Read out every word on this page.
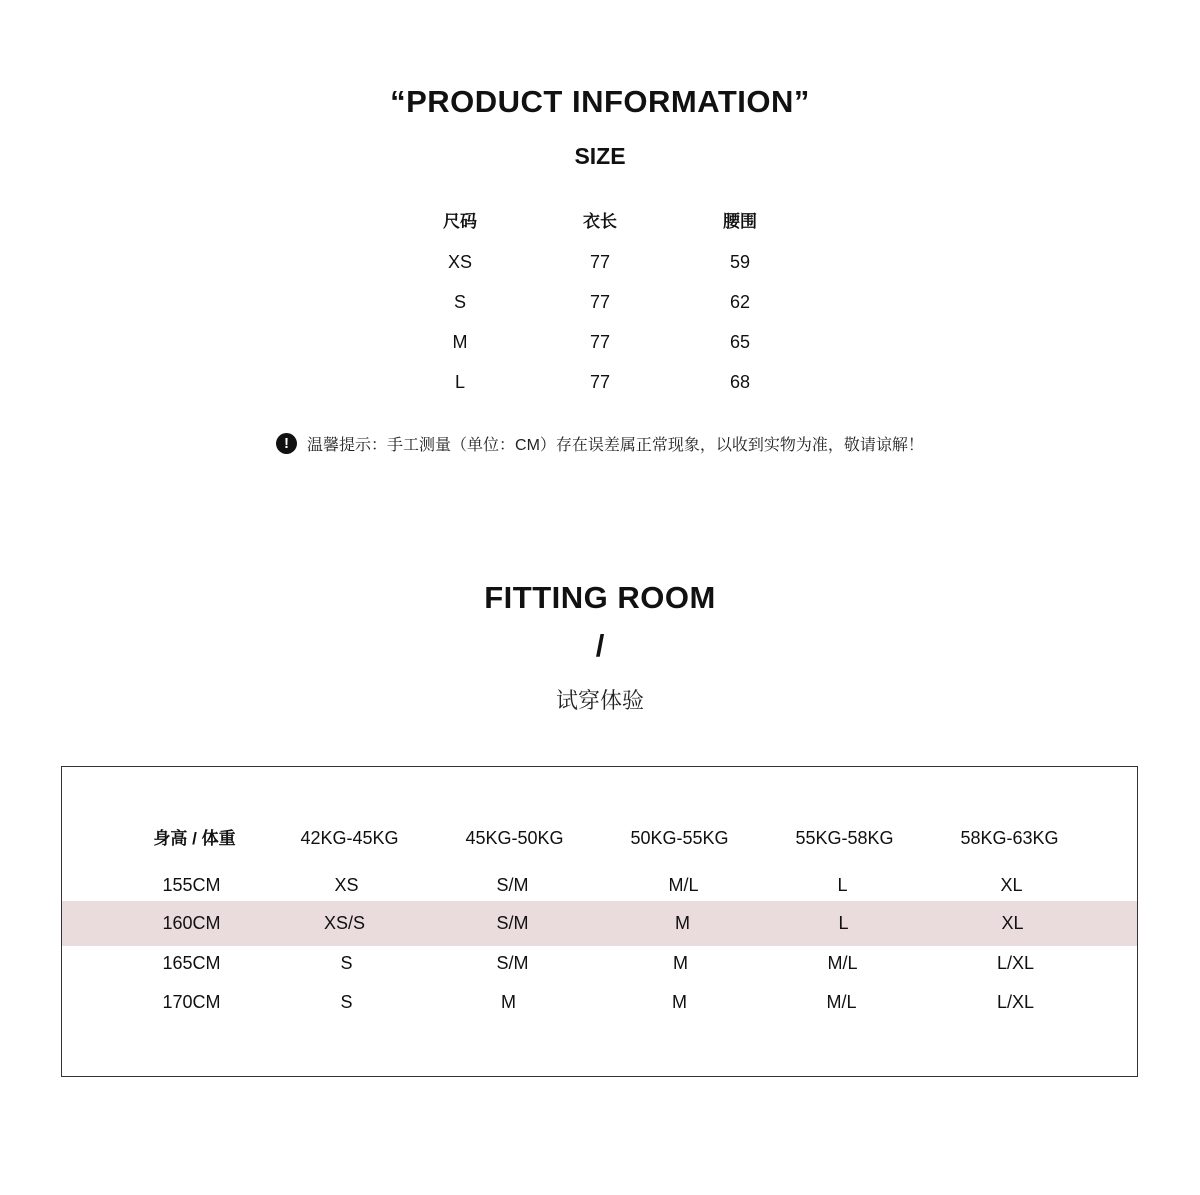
“PRODUCT INFORMATION”
SIZE
尺码	衣长	腰围
XS	77	59
S	77	62
M	77	65
L	77	68
! 温馨提示：手工测量（单位：CM）存在误差属正常现象，以收到实物为准，敬请谅解！
FITTING ROOM
/
试穿体验
身高 / 体重	42KG-45KG	45KG-50KG	50KG-55KG	55KG-58KG	58KG-63KG
155CM	XS	S/M	M/L	L	XL
160CM	XS/S	S/M	M	L	XL
165CM	S	S/M	M	M/L	L/XL
170CM	S	M	M	M/L	L/XL
